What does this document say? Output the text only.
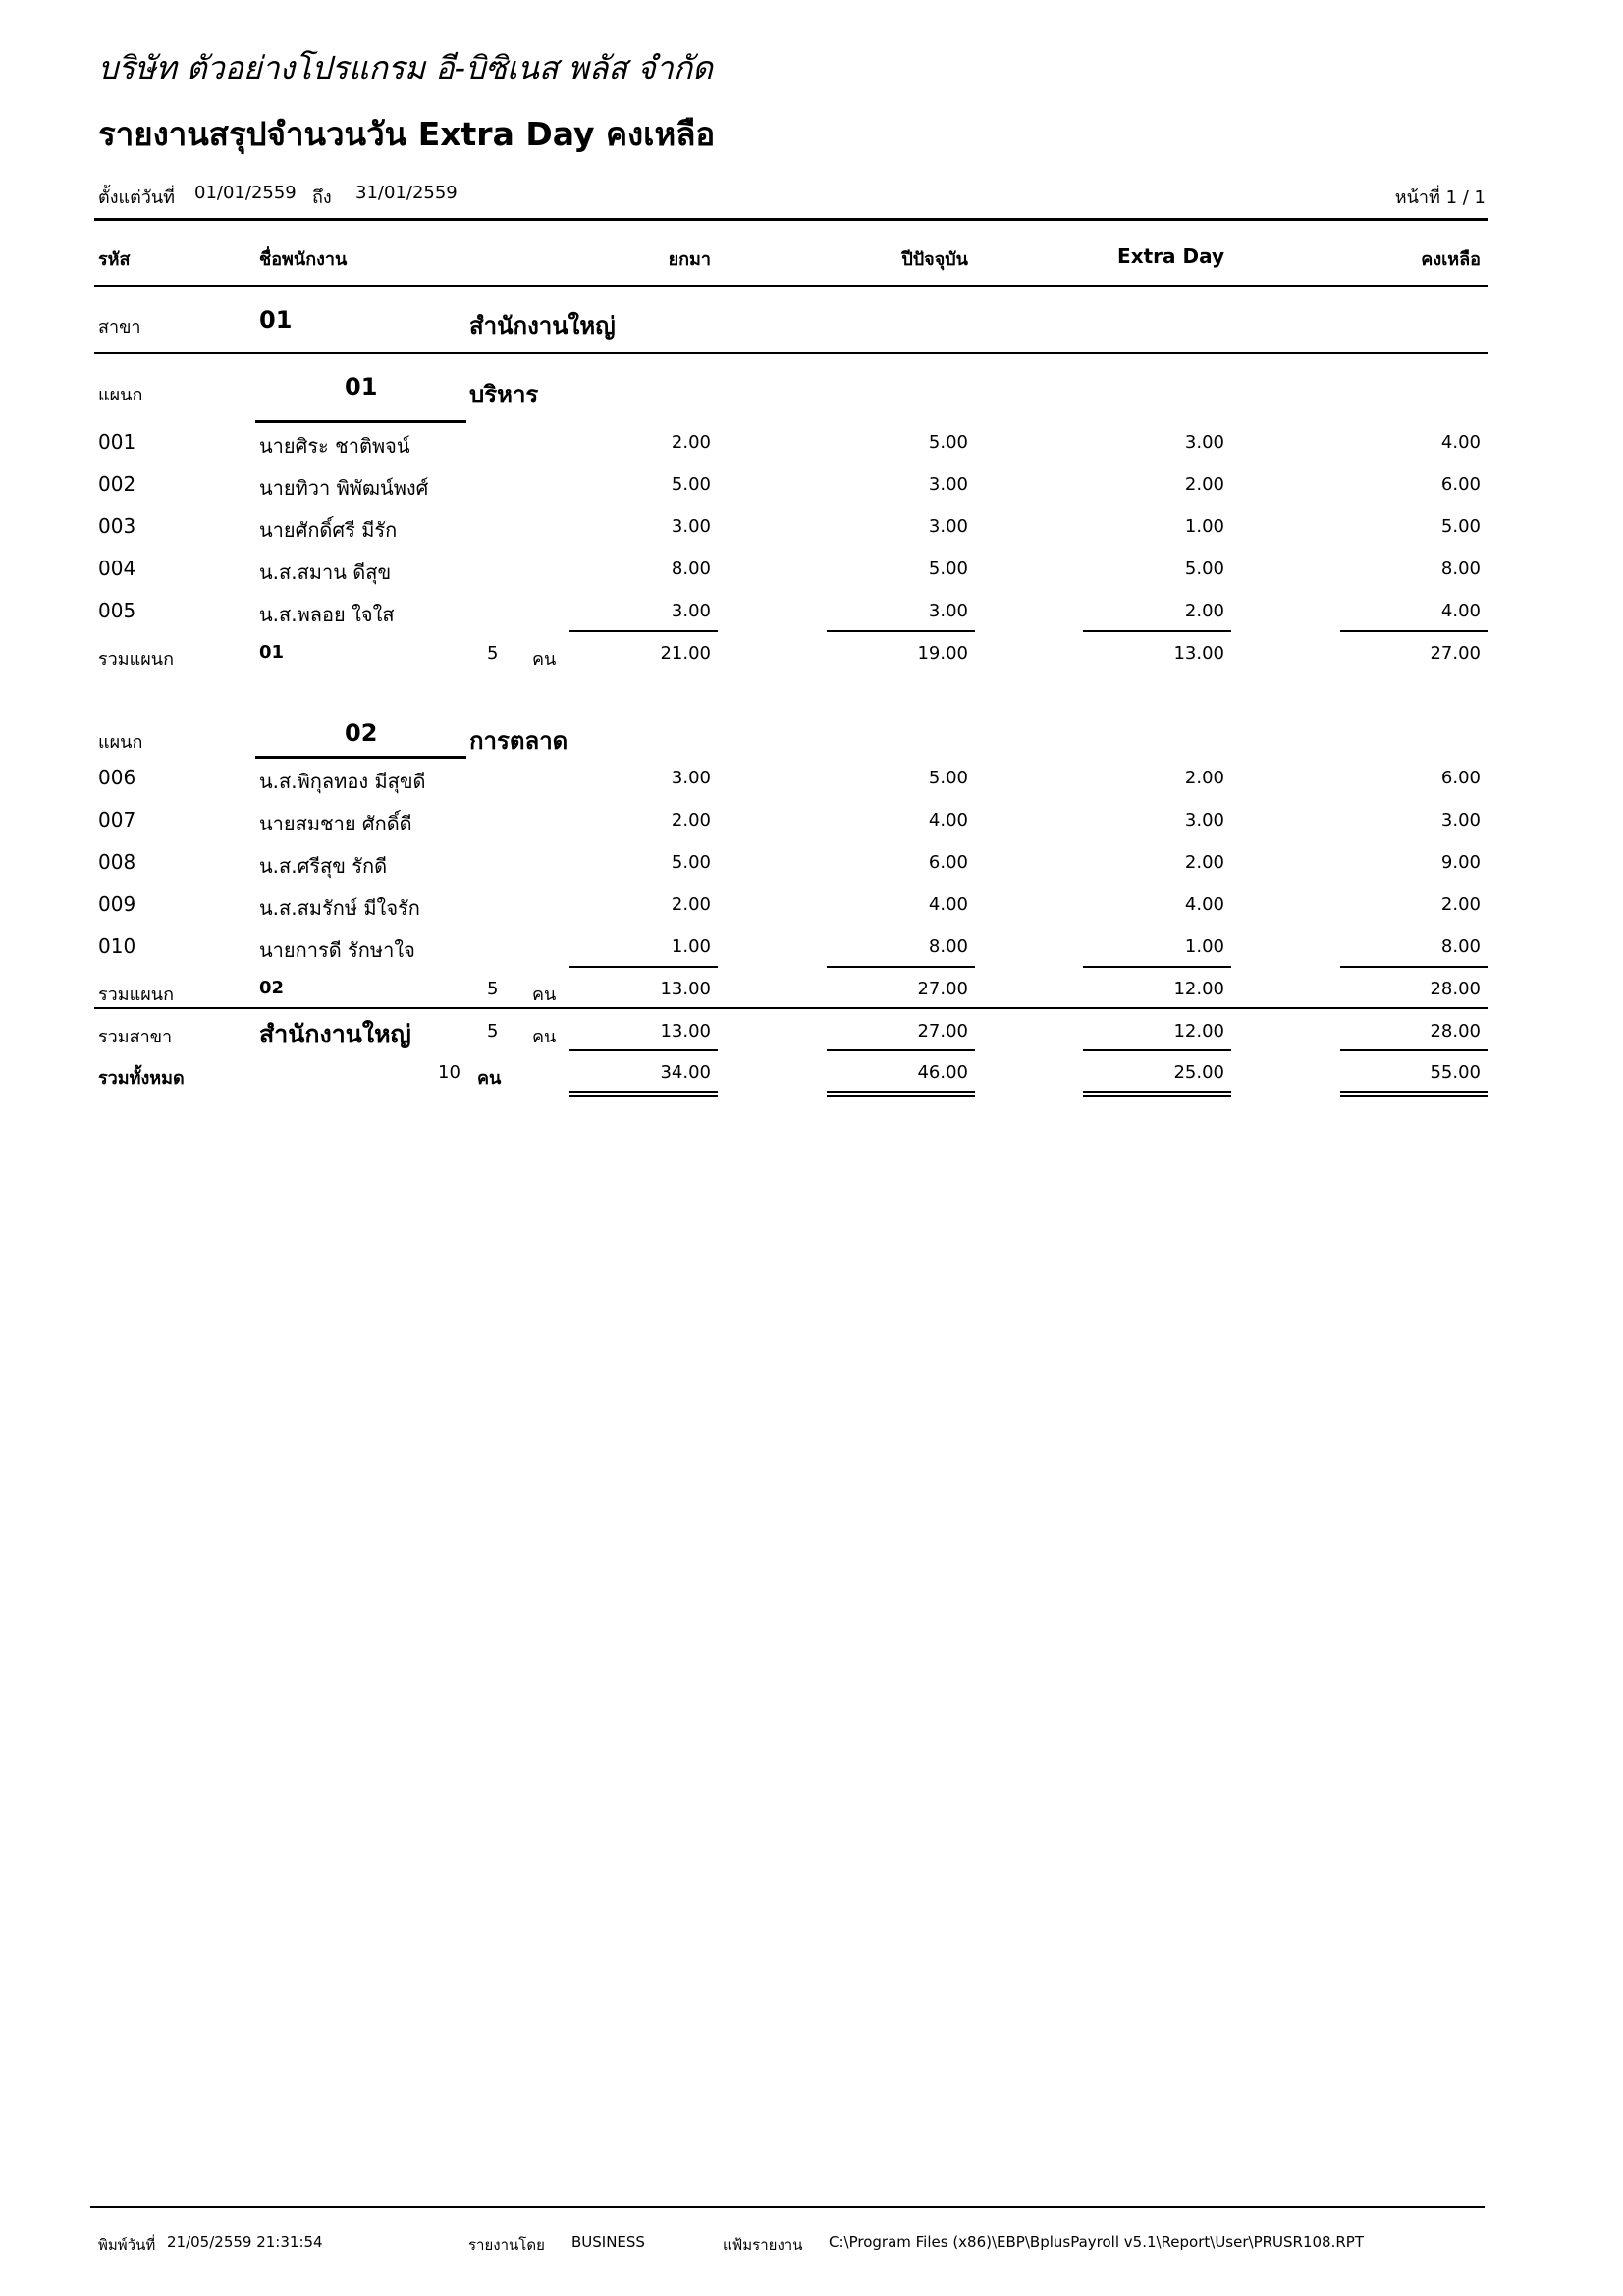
บริษัท ตัวอย่างโปรแกรม อี-บิซิเนส พลัส จำกัด
รายงานสรุปจำนวนวัน Extra Day คงเหลือ
ตั้งแต่วันที่ 01/01/2559 ถึง 31/01/2559	หน้าที่ 1 / 1
รหัส	ชื่อพนักงาน	ยกมา	ปีปัจจุบัน	Extra Day	คงเหลือ
สาขา	01	สำนักงานใหญ่
แผนก	01	บริหาร
001	นายศิระ ชาติพจน์	2.00	5.00	3.00	4.00
002	นายทิวา พิพัฒน์พงศ์	5.00	3.00	2.00	6.00
003	นายศักดิ์ศรี มีรัก	3.00	3.00	1.00	5.00
004	น.ส.สมาน ดีสุข	8.00	5.00	5.00	8.00
005	น.ส.พลอย ใจใส	3.00	3.00	2.00	4.00
รวมแผนก	01	5 คน	21.00	19.00	13.00	27.00
แผนก	02	การตลาด
006	น.ส.พิกุลทอง มีสุขดี	3.00	5.00	2.00	6.00
007	นายสมชาย ศักดิ์ดี	2.00	4.00	3.00	3.00
008	น.ส.ศรีสุข รักดี	5.00	6.00	2.00	9.00
009	น.ส.สมรักษ์ มีใจรัก	2.00	4.00	4.00	2.00
010	นายการดี รักษาใจ	1.00	8.00	1.00	8.00
รวมแผนก	02	5 คน	13.00	27.00	12.00	28.00
รวมสาขา	สำนักงานใหญ่	5 คน	13.00	27.00	12.00	28.00
รวมทั้งหมด	10 คน	34.00	46.00	25.00	55.00
พิมพ์วันที่ 21/05/2559 21:31:54	รายงานโดย BUSINESS	แฟ้มรายงาน C:\Program Files (x86)\EBP\BplusPayroll v5.1\Report\User\PRUSR108.RPT
